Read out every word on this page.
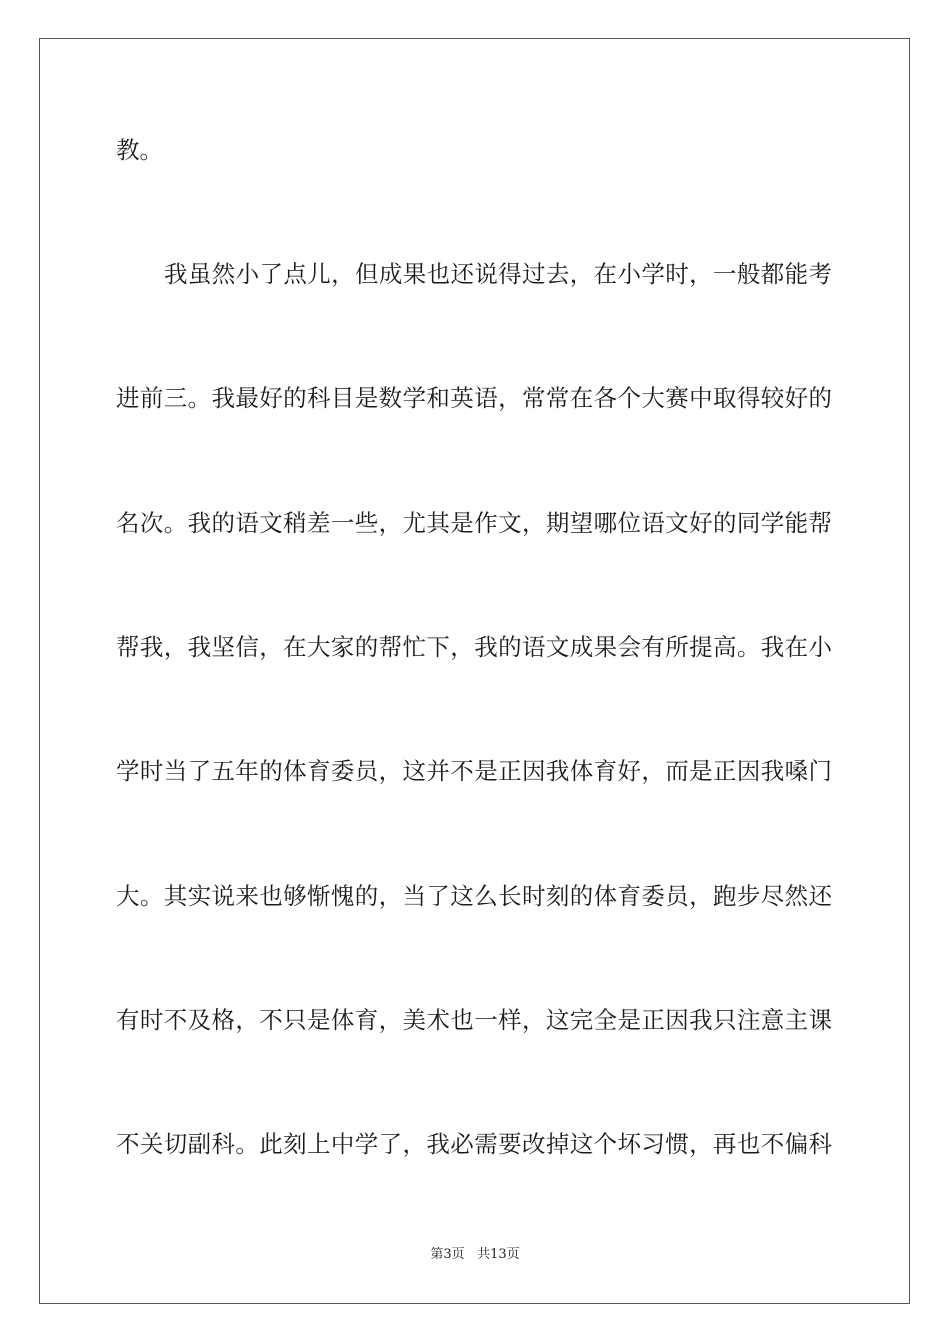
教。
我虽然小了点儿，但成果也还说得过去，在小学时，一般都能考
进前三。我最好的科目是数学和英语，常常在各个大赛中取得较好的
名次。我的语文稍差一些，尤其是作文，期望哪位语文好的同学能帮
帮我，我坚信，在大家的帮忙下，我的语文成果会有所提高。我在小
学时当了五年的体育委员，这并不是正因我体育好，而是正因我嗓门
大。其实说来也够惭愧的，当了这么长时刻的体育委员，跑步尽然还
有时不及格，不只是体育，美术也一样，这完全是正因我只注意主课
不关切副科。此刻上中学了，我必需要改掉这个坏习惯，再也不偏科
第3页 共13页
